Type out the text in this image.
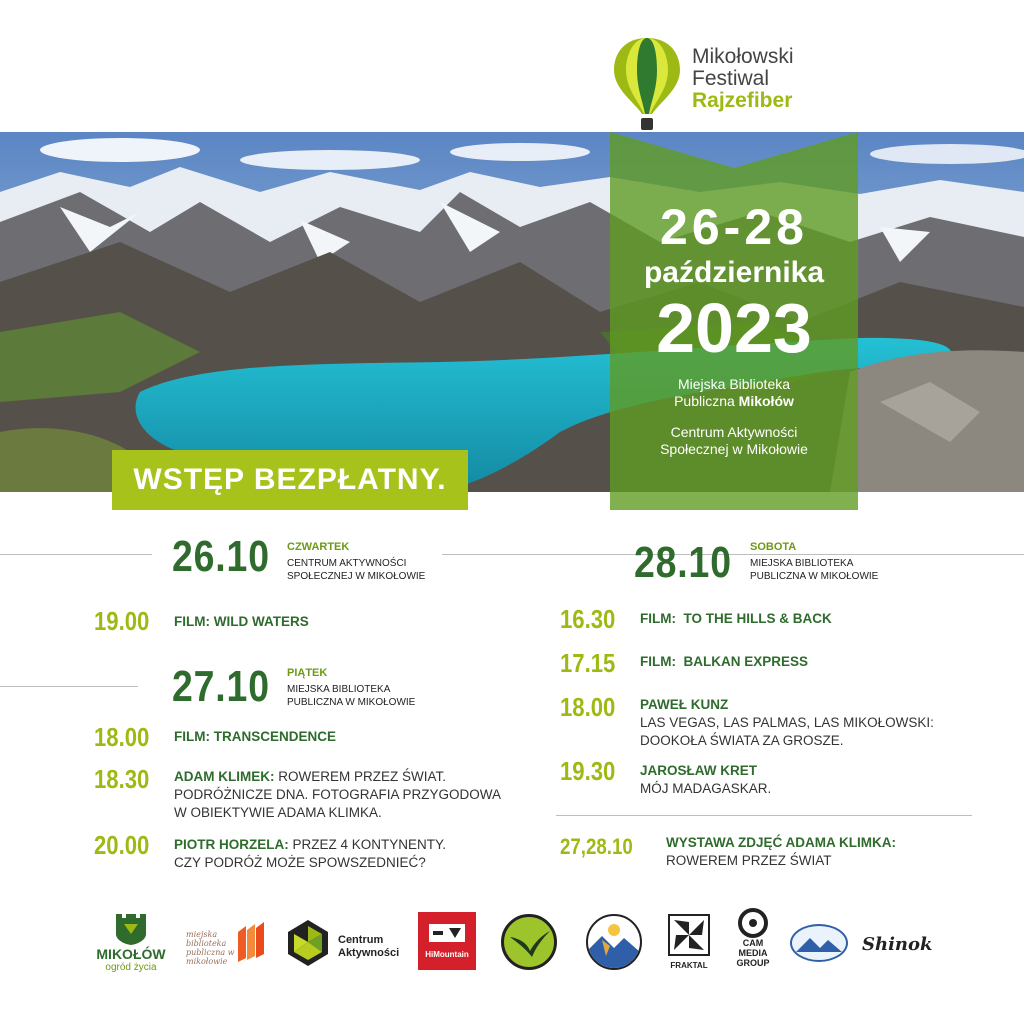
Mikołowski
Festiwal
Rajzefiber
26-28
października
2023
Miejska Biblioteka
Publiczna Mikołów
Centrum Aktywności
Społecznej w Mikołowie
WSTĘP BEZPŁATNY.
26.10 CZWARTEK
CENTRUM AKTYWNOŚCI
SPOŁECZNEJ W MIKOŁOWIE
19.00 FILM: WILD WATERS
27.10 PIĄTEK
MIEJSKA BIBLIOTEKA
PUBLICZNA W MIKOŁOWIE
18.00 FILM: TRANSCENDENCE
18.30 ADAM KLIMEK: ROWEREM PRZEZ ŚWIAT.
PODRÓŻNICZE DNA. FOTOGRAFIA PRZYGODOWA
W OBIEKTYWIE ADAMA KLIMKA.
20.00 PIOTR HORZELA: PRZEZ 4 KONTYNENTY.
CZY PODRÓŻ MOŻE SPOWSZEDNIEĆ?
28.10 SOBOTA
MIEJSKA BIBLIOTEKA
PUBLICZNA W MIKOŁOWIE
16.30 FILM: TO THE HILLS & BACK
17.15 FILM: BALKAN EXPRESS
18.00 PAWEŁ KUNZ
LAS VEGAS, LAS PALMAS, LAS MIKOŁOWSKI:
DOOKOŁA ŚWIATA ZA GROSZE.
19.30 JAROSŁAW KRET
MÓJ MADAGASKAR.
27,28.10 WYSTAWA ZDJĘĆ ADAMA KLIMKA:
ROWEREM PRZEZ ŚWIAT
MIKOŁÓW
ogród życia
miejska biblioteka publiczna w mikołowie
Centrum
Aktywności	HiMountain
FRAKTAL
CAM
MEDIA
GROUP
Shinok
